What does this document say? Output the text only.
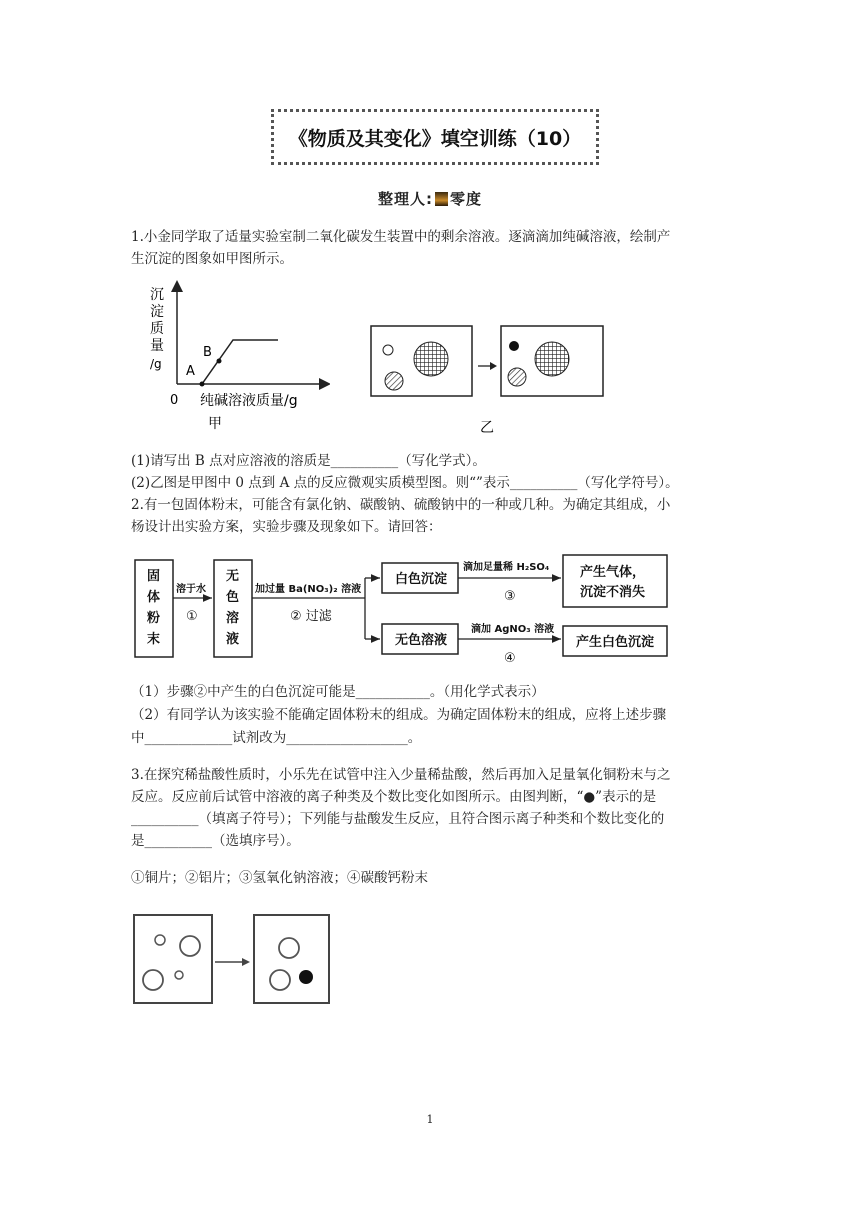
《物质及其变化》填空训练（10）
整理人: 零度
1.小金同学取了适量实验室制二氧化碳发生装置中的剩余溶液。逐滴滴加纯碱溶液，绘制产
生沉淀的图象如甲图所示。
沉
淀
质
量
/g A
B
0 纯碱溶液质量/g
甲	乙
(1)请写出 B 点对应溶液的溶质是__________（写化学式）。
(2)乙图是甲图中 0 点到 A 点的反应微观实质模型图。则“”表示__________（写化学符号）。
2.有一包固体粉末，可能含有氯化钠、碳酸钠、硫酸钠中的一种或几种。为确定其组成，小
杨设计出实验方案，实验步骤及现象如下。请回答：
固
体
粉
末
无
色
溶
液
白色沉淀	产生气体，
沉淀不消失
无色溶液	产生白色沉淀
溶于水	加过量 Ba(NO₃)₂ 溶液
滴加足量稀 H₂SO₄
滴加 AgNO₃ 溶液
①	② 过滤
③
④
（1）步骤②中产生的白色沉淀可能是___________。（用化学式表示）
（2）有同学认为该实验不能确定固体粉末的组成。为确定固体粉末的组成，应将上述步骤
中_____________试剂改为__________________。
3.在探究稀盐酸性质时，小乐先在试管中注入少量稀盐酸，然后再加入足量氧化铜粉末与之
反应。反应前后试管中溶液的离子种类及个数比变化如图所示。由图判断，“●”表示的是
__________（填离子符号）；下列能与盐酸发生反应，且符合图示离子种类和个数比变化的
是__________（选填序号）。
①铜片；②铝片；③氢氧化钠溶液；④碳酸钙粉末
1
